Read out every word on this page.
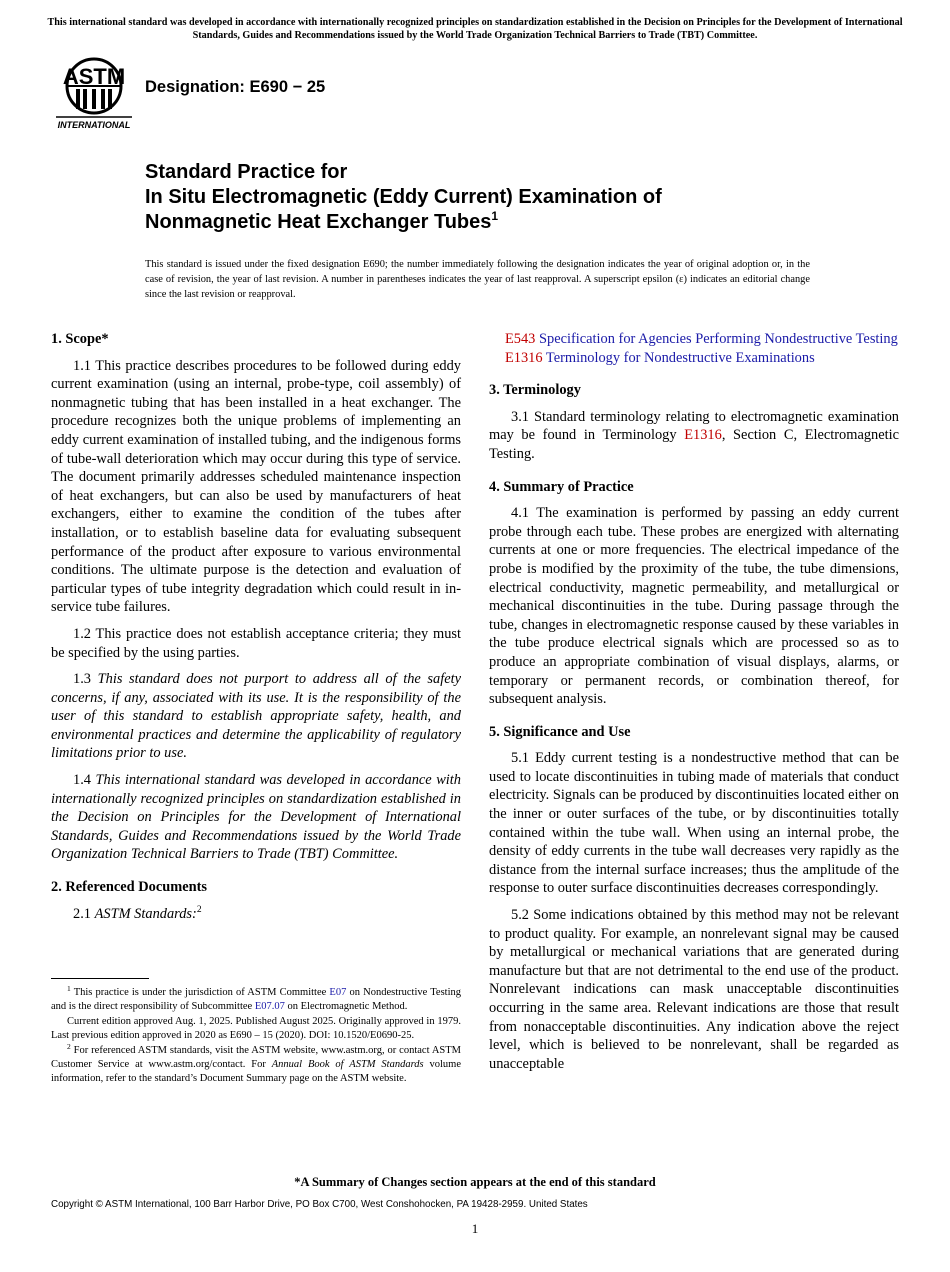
This international standard was developed in accordance with internationally recognized principles on standardization established in the Decision on Principles for the Development of International Standards, Guides and Recommendations issued by the World Trade Organization Technical Barriers to Trade (TBT) Committee.
ASTM
INTERNATIONAL
Designation: E690 − 25
Standard Practice for
In Situ Electromagnetic (Eddy Current) Examination of
Nonmagnetic Heat Exchanger Tubes$^1$
This standard is issued under the fixed designation E690; the number immediately following the designation indicates the year of original adoption or, in the case of revision, the year of last revision. A number in parentheses indicates the year of last reapproval. A superscript epsilon (ε) indicates an editorial change since the last revision or reapproval.
1. Scope*
1.1 This practice describes procedures to be followed during eddy current examination (using an internal, probe-type, coil assembly) of nonmagnetic tubing that has been installed in a heat exchanger. The procedure recognizes both the unique problems of implementing an eddy current examination of installed tubing, and the indigenous forms of tube-wall deterioration which may occur during this type of service. The document primarily addresses scheduled maintenance inspection of heat exchangers, but can also be used by manufacturers of heat exchangers, either to examine the condition of the tubes after installation, or to establish baseline data for evaluating subsequent performance of the product after exposure to various environmental conditions. The ultimate purpose is the detection and evaluation of particular types of tube integrity degradation which could result in in-service tube failures.
1.2 This practice does not establish acceptance criteria; they must be specified by the using parties.
1.3 This standard does not purport to address all of the safety concerns, if any, associated with its use. It is the responsibility of the user of this standard to establish appropriate safety, health, and environmental practices and determine the applicability of regulatory limitations prior to use.
1.4 This international standard was developed in accordance with internationally recognized principles on standardization established in the Decision on Principles for the Development of International Standards, Guides and Recommendations issued by the World Trade Organization Technical Barriers to Trade (TBT) Committee.
2. Referenced Documents
2.1 ASTM Standards:$^2$
E543 Specification for Agencies Performing Nondestructive Testing
E1316 Terminology for Nondestructive Examinations
3. Terminology
3.1 Standard terminology relating to electromagnetic examination may be found in Terminology E1316, Section C, Electromagnetic Testing.
4. Summary of Practice
4.1 The examination is performed by passing an eddy current probe through each tube. These probes are energized with alternating currents at one or more frequencies. The electrical impedance of the probe is modified by the proximity of the tube, the tube dimensions, electrical conductivity, magnetic permeability, and metallurgical or mechanical discontinuities in the tube. During passage through the tube, changes in electromagnetic response caused by these variables in the tube produce electrical signals which are processed so as to produce an appropriate combination of visual displays, alarms, or temporary or permanent records, or combination thereof, for subsequent analysis.
5. Significance and Use
5.1 Eddy current testing is a nondestructive method that can be used to locate discontinuities in tubing made of materials that conduct electricity. Signals can be produced by discontinuities located either on the inner or outer surfaces of the tube, or by discontinuities totally contained within the tube wall. When using an internal probe, the density of eddy currents in the tube wall decreases very rapidly as the distance from the internal surface increases; thus the amplitude of the response to outer surface discontinuities decreases correspondingly.
5.2 Some indications obtained by this method may not be relevant to product quality. For example, an nonrelevant signal may be caused by metallurgical or mechanical variations that are generated during manufacture but that are not detrimental to the end use of the product. Nonrelevant indications can mask unacceptable discontinuities occurring in the same area. Relevant indications are those that result from nonacceptable discontinuities. Any indication above the reject level, which is believed to be nonrelevant, shall be regarded as unacceptable
$^1$ This practice is under the jurisdiction of ASTM Committee E07 on Nondestructive Testing and is the direct responsibility of Subcommittee E07.07 on Electromagnetic Method.
Current edition approved Aug. 1, 2025. Published August 2025. Originally approved in 1979. Last previous edition approved in 2020 as E690 – 15 (2020). DOI: 10.1520/E0690-25.
$^2$ For referenced ASTM standards, visit the ASTM website, www.astm.org, or contact ASTM Customer Service at www.astm.org/contact. For Annual Book of ASTM Standards volume information, refer to the standard’s Document Summary page on the ASTM website.
*A Summary of Changes section appears at the end of this standard
Copyright © ASTM International, 100 Barr Harbor Drive, PO Box C700, West Conshohocken, PA 19428-2959. United States
1
